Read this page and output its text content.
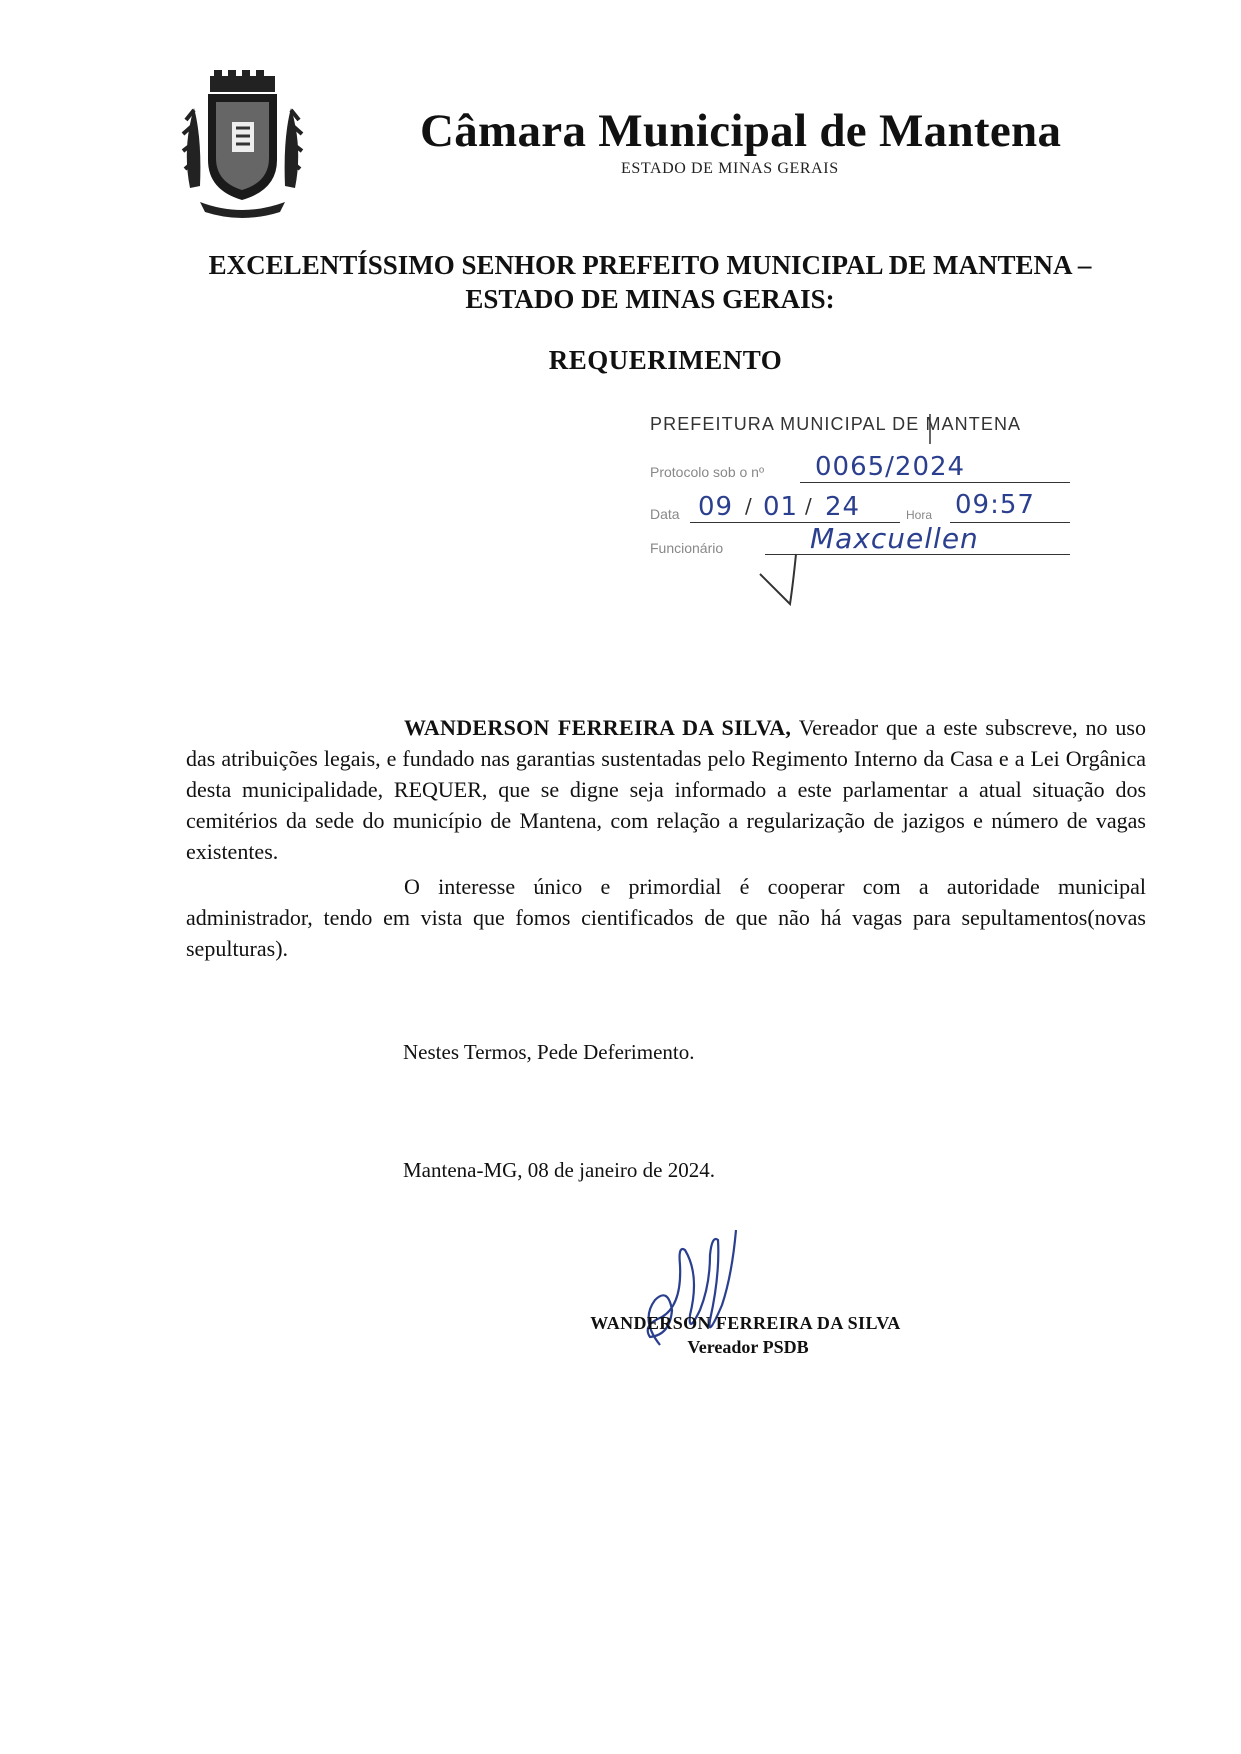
Câmara Municipal de Mantena
ESTADO DE MINAS GERAIS
EXCELENTÍSSIMO SENHOR PREFEITO MUNICIPAL DE MANTENA –
ESTADO DE MINAS GERAIS:
REQUERIMENTO
PREFEITURA MUNICIPAL DE MANTENA
Protocolo sob o nº 0065/2024
Data 09 / 01 / 24	Hora 09:57
Funcionário	Maxcuellen
WANDERSON FERREIRA DA SILVA, Vereador que a este subscreve, no uso das atribuições legais, e fundado nas garantias sustentadas pelo Regimento Interno da Casa e a Lei Orgânica desta municipalidade, REQUER, que se digne seja informado a este parlamentar a atual situação dos cemitérios da sede do município de Mantena, com relação a regularização de jazigos e número de vagas existentes.
O interesse único e primordial é cooperar com a autoridade municipal administrador, tendo em vista que fomos cientificados de que não há vagas para sepultamentos(novas sepulturas).
Nestes Termos, Pede Deferimento.
Mantena-MG, 08 de janeiro de 2024.
WANDERSON FERREIRA DA SILVA
Vereador PSDB
